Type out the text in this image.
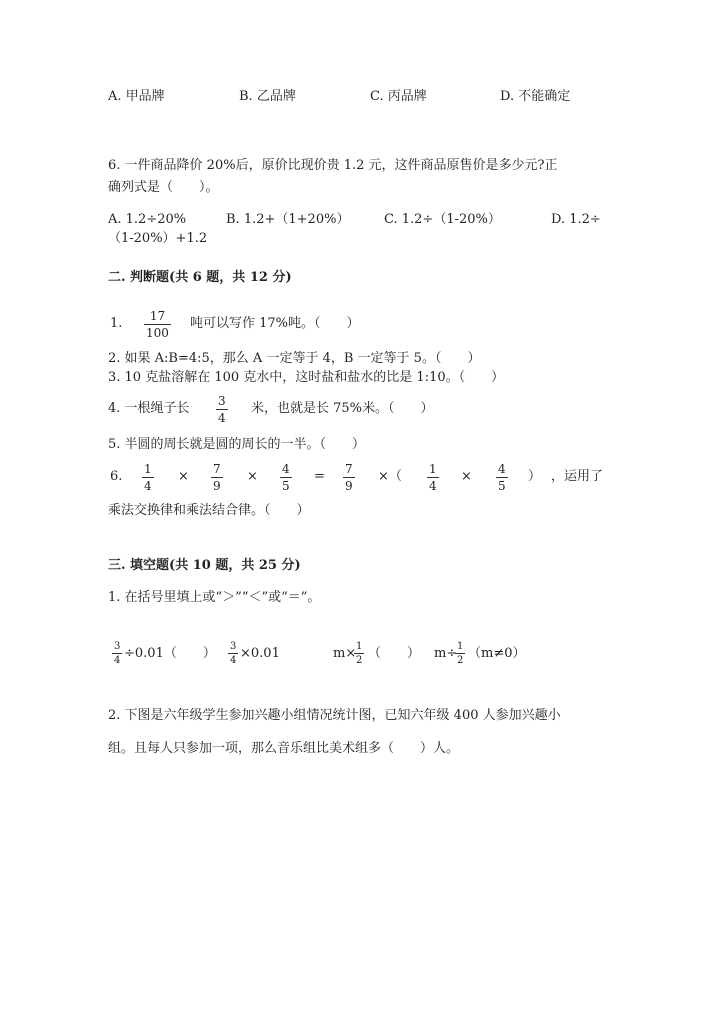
A. 甲品牌	B. 乙品牌	C. 丙品牌	D. 不能确定
6. 一件商品降价 20%后，原价比现价贵 1.2 元，这件商品原售价是多少元?正
确列式是（　　）。
A. 1.2÷20%	B. 1.2+（1+20%）	C. 1.2÷（1-20%）	D. 1.2÷
（1-20%）+1.2
二. 判断题(共 6 题，共 12 分)
1. 17
100
吨可以写作 17%吨。（　　）
2. 如果 A:B=4:5，那么 A 一定等于 4，B 一定等于 5。（　　）
3. 10 克盐溶解在 100 克水中，这时盐和盐水的比是 1:10。（　　）
4. 一根绳子长 3
4
米，也就是长 75%米。（　　）
5. 半圆的周长就是圆的周长的一半。（　　）
6. 1
4
× 7
9
× 4
5
= 7
9
×（ 1
4
× 4
5
） ，运用了
乘法交换律和乘法结合律。（　　）
三. 填空题(共 10 题，共 25 分)
1. 在括号里填上或“＞”“＜”或“＝”。
3
4 ÷0.01（　　） 3
4 ×0.01	m× 1
2 （　　） m÷ 1
2 （m≠0）
2. 下图是六年级学生参加兴趣小组情况统计图，已知六年级 400 人参加兴趣小
组。且每人只参加一项，那么音乐组比美术组多（　　）人。
